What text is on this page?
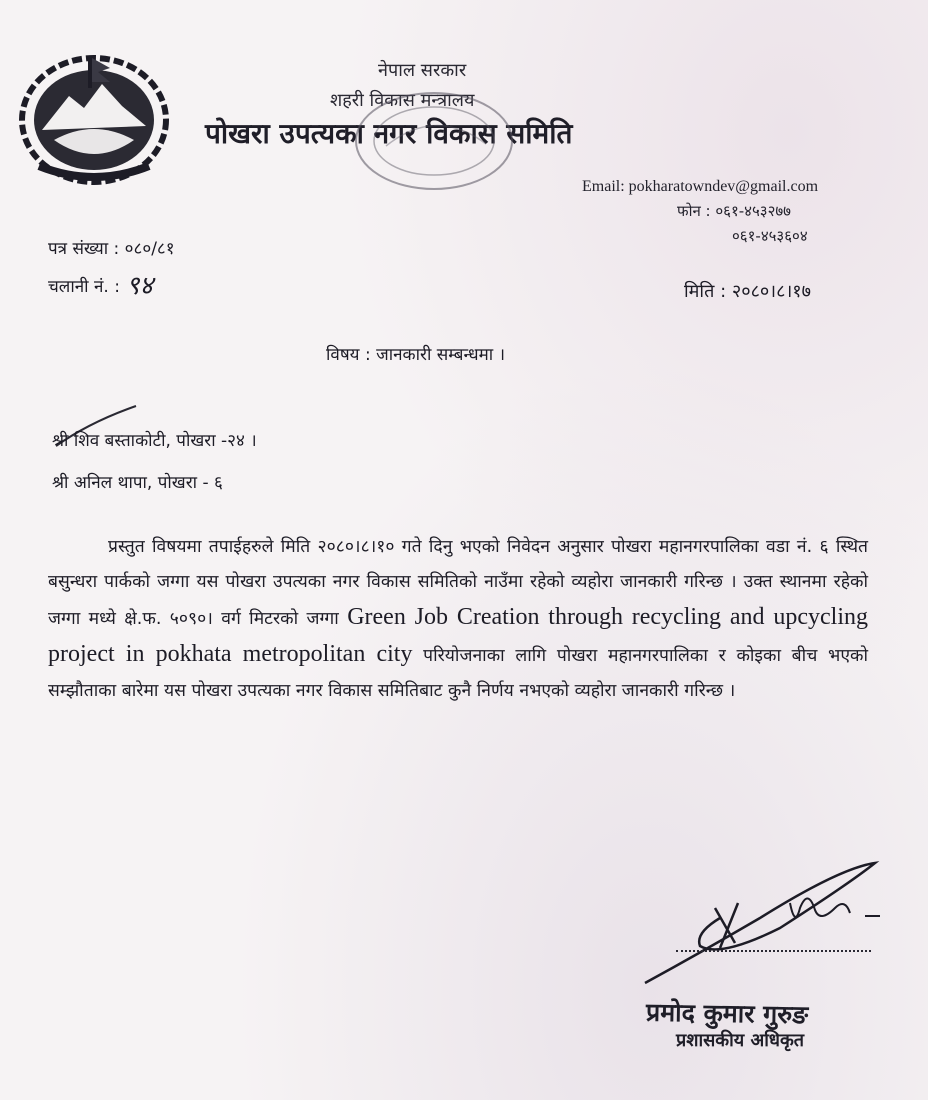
नेपाल सरकार
शहरी विकास मन्त्रालय
पोखरा उपत्यका नगर विकास समिति
Email: pokharatowndev@gmail.com
फोन : ०६१-४५३२७७
०६१-४५३६०४
पत्र संख्या : ०८०/८१
चलानी नं. : ९४	मिति : २०८०।८।१७
विषय : जानकारी सम्बन्धमा ।
श्री शिव बस्ताकोटी, पोखरा -२४ ।
श्री अनिल थापा, पोखरा - ६
प्रस्तुत विषयमा तपाईहरुले मिति २०८०।८।१० गते दिनु भएको निवेदन अनुसार पोखरा महानगरपालिका वडा नं. ६ स्थित बसुन्धरा पार्कको जग्गा यस पोखरा उपत्यका नगर विकास समितिको नाउँमा रहेको व्यहोरा जानकारी गरिन्छ । उक्त स्थानमा रहेको जग्गा मध्ये क्षे.फ. ५०९०। वर्ग मिटरको जग्गा Green Job Creation through recycling and upcycling project in pokhata metropolitan city परियोजनाका लागि पोखरा महानगरपालिका र कोइका बीच भएको सम्झौताका बारेमा यस पोखरा उपत्यका नगर विकास समितिबाट कुनै निर्णय नभएको व्यहोरा जानकारी गरिन्छ ।
प्रमोद कुमार गुरुङ
प्रशासकीय अधिकृत
